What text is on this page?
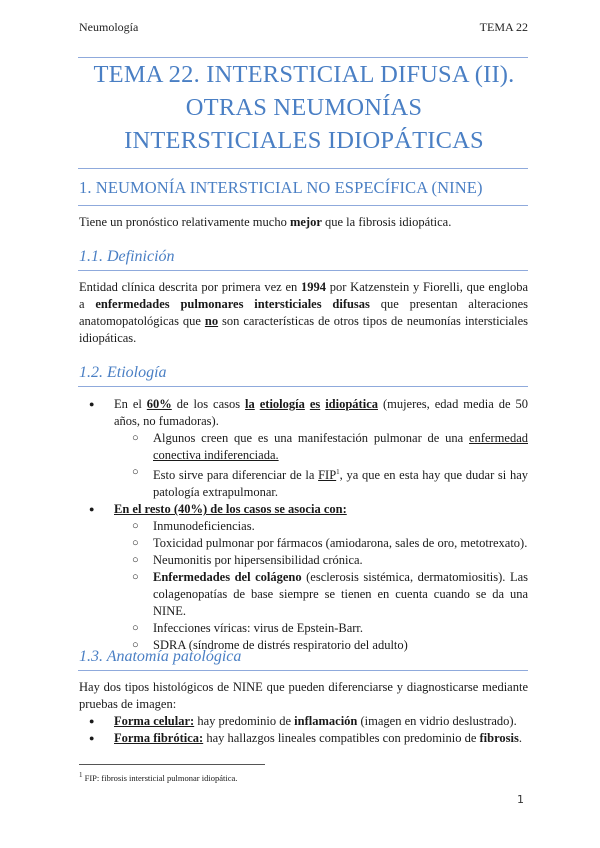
Neumología	TEMA 22
TEMA 22. INTERSTICIAL DIFUSA (II).
OTRAS NEUMONÍAS
INTERSTICIALES IDIOPÁTICAS
1. NEUMONÍA INTERSTICIAL NO ESPECÍFICA (NINE)
Tiene un pronóstico relativamente mucho mejor que la fibrosis idiopática.
1.1. Definición
Entidad clínica descrita por primera vez en 1994 por Katzenstein y Fiorelli, que engloba a enfermedades pulmonares intersticiales difusas que presentan alteraciones anatomopatológicas que no son características de otros tipos de neumonías intersticiales idiopáticas.
1.2. Etiología
● En el 60% de los casos la etiología es idiopática (mujeres, edad media de 50 años, no fumadoras).
○ Algunos creen que es una manifestación pulmonar de una enfermedad conectiva indiferenciada.
○ Esto sirve para diferenciar de la FIP$^1$, ya que en esta hay que dudar si hay patología extrapulmonar.
● En el resto (40%) de los casos se asocia con:
○ Inmunodeficiencias.
○ Toxicidad pulmonar por fármacos (amiodarona, sales de oro, metotrexato).
○ Neumonitis por hipersensibilidad crónica.
○ Enfermedades del colágeno (esclerosis sistémica, dermatomiositis). Las colagenopatías de base siempre se tienen en cuenta cuando se da una NINE.
○ Infecciones víricas: virus de Epstein-Barr.
○ SDRA (síndrome de distrés respiratorio del adulto)
1.3. Anatomía patológica
Hay dos tipos histológicos de NINE que pueden diferenciarse y diagnosticarse mediante pruebas de imagen:
● Forma celular: hay predominio de inflamación (imagen en vidrio deslustrado).
● Forma fibrótica: hay hallazgos lineales compatibles con predominio de fibrosis.
$^1$ FIP: fibrosis intersticial pulmonar idiopática.
1
